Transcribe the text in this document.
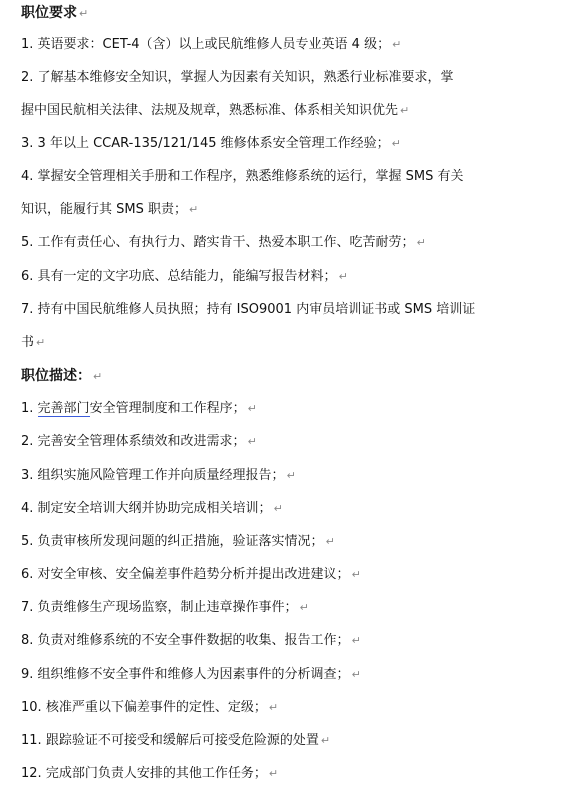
职位要求 ↵
1. 英语要求：CET-4（含）以上或民航维修人员专业英语 4 级； ↵
2. 了解基本维修安全知识，掌握人为因素有关知识，熟悉行业标准要求，掌
握中国民航相关法律、法规及规章，熟悉标准、体系相关知识优先 ↵
3. 3 年以上 CCAR-135/121/145 维修体系安全管理工作经验； ↵
4. 掌握安全管理相关手册和工作程序，熟悉维修系统的运行，掌握 SMS 有关
知识，能履行其 SMS 职责； ↵
5. 工作有责任心、有执行力、踏实肯干、热爱本职工作、吃苦耐劳； ↵
6. 具有一定的文字功底、总结能力，能编写报告材料； ↵
7. 持有中国民航维修人员执照；持有 ISO9001 内审员培训证书或 SMS 培训证
书 ↵
职位描述： ↵
1. 完善部门安全管理制度和工作程序； ↵
2. 完善安全管理体系绩效和改进需求； ↵
3. 组织实施风险管理工作并向质量经理报告； ↵
4. 制定安全培训大纲并协助完成相关培训； ↵
5. 负责审核所发现问题的纠正措施，验证落实情况； ↵
6. 对安全审核、安全偏差事件趋势分析并提出改进建议； ↵
7. 负责维修生产现场监察，制止违章操作事件； ↵
8. 负责对维修系统的不安全事件数据的收集、报告工作； ↵
9. 组织维修不安全事件和维修人为因素事件的分析调查； ↵
10. 核准严重以下偏差事件的定性、定级； ↵
11. 跟踪验证不可接受和缓解后可接受危险源的处置 ↵
12. 完成部门负责人安排的其他工作任务； ↵
